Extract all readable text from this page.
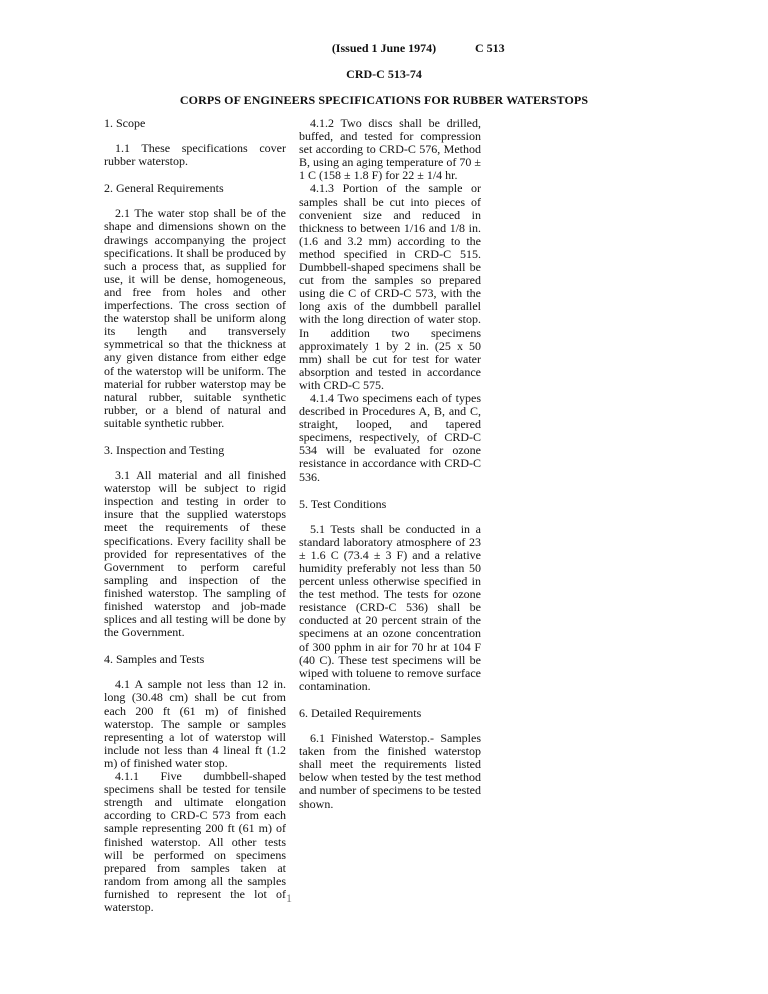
(Issued 1 June 1974)	C 513
CRD-C 513-74
CORPS OF ENGINEERS SPECIFICATIONS FOR RUBBER WATERSTOPS

1. Scope

1.1 These specifications cover rubber waterstop.

2. General Requirements

2.1 The water stop shall be of the shape and dimensions shown on the drawings accompanying the project specifications. It shall be produced by such a process that, as supplied for use, it will be dense, homogeneous, and free from holes and other imperfections. The cross section of the waterstop shall be uniform along its length and transversely symmetrical so that the thickness at any given distance from either edge of the waterstop will be uniform. The material for rubber waterstop may be natural rubber, suitable synthetic rubber, or a blend of natural and suitable synthetic rubber.

3. Inspection and Testing

3.1 All material and all finished waterstop will be subject to rigid inspection and testing in order to insure that the supplied waterstops meet the requirements of these specifications. Every facility shall be provided for representatives of the Government to perform careful sampling and inspection of the finished waterstop. The sampling of finished waterstop and job-made splices and all testing will be done by the Government.

4. Samples and Tests

4.1 A sample not less than 12 in. long (30.48 cm) shall be cut from each 200 ft (61 m) of finished waterstop. The sample or samples representing a lot of waterstop will include not less than 4 lineal ft (1.2 m) of finished water stop.

4.1.1 Five dumbbell-shaped specimens shall be tested for tensile strength and ultimate elongation according to CRD-C 573 from each sample representing 200 ft (61 m) of finished waterstop. All other tests will be performed on specimens prepared from samples taken at random from among all the samples furnished to represent the lot of waterstop.

4.1.2 Two discs shall be drilled, buffed, and tested for compression set according to CRD-C 576, Method B, using an aging temperature of 70 ± 1 C (158 ± 1.8 F) for 22 ± 1/4 hr.

4.1.3 Portion of the sample or samples shall be cut into pieces of convenient size and reduced in thickness to between 1/16 and 1/8 in. (1.6 and 3.2 mm) according to the method specified in CRD-C 515. Dumbbell-shaped specimens shall be cut from the samples so prepared using die C of CRD-C 573, with the long axis of the dumbbell parallel with the long direction of water stop. In addition two specimens approximately 1 by 2 in. (25 x 50 mm) shall be cut for test for water absorption and tested in accordance with CRD-C 575.

4.1.4 Two specimens each of types described in Procedures A, B, and C, straight, looped, and tapered specimens, respectively, of CRD-C 534 will be evaluated for ozone resistance in accordance with CRD-C 536.

5. Test Conditions

5.1 Tests shall be conducted in a standard laboratory atmosphere of 23 ± 1.6 C (73.4 ± 3 F) and a relative humidity preferably not less than 50 percent unless otherwise specified in the test method. The tests for ozone resistance (CRD-C 536) shall be conducted at 20 percent strain of the specimens at an ozone concentration of 300 pphm in air for 70 hr at 104 F (40 C). These test specimens will be wiped with toluene to remove surface contamination.

6. Detailed Requirements

6.1 Finished Waterstop.- Samples taken from the finished waterstop shall meet the requirements listed below when tested by the test method and number of specimens to be tested shown.

1
